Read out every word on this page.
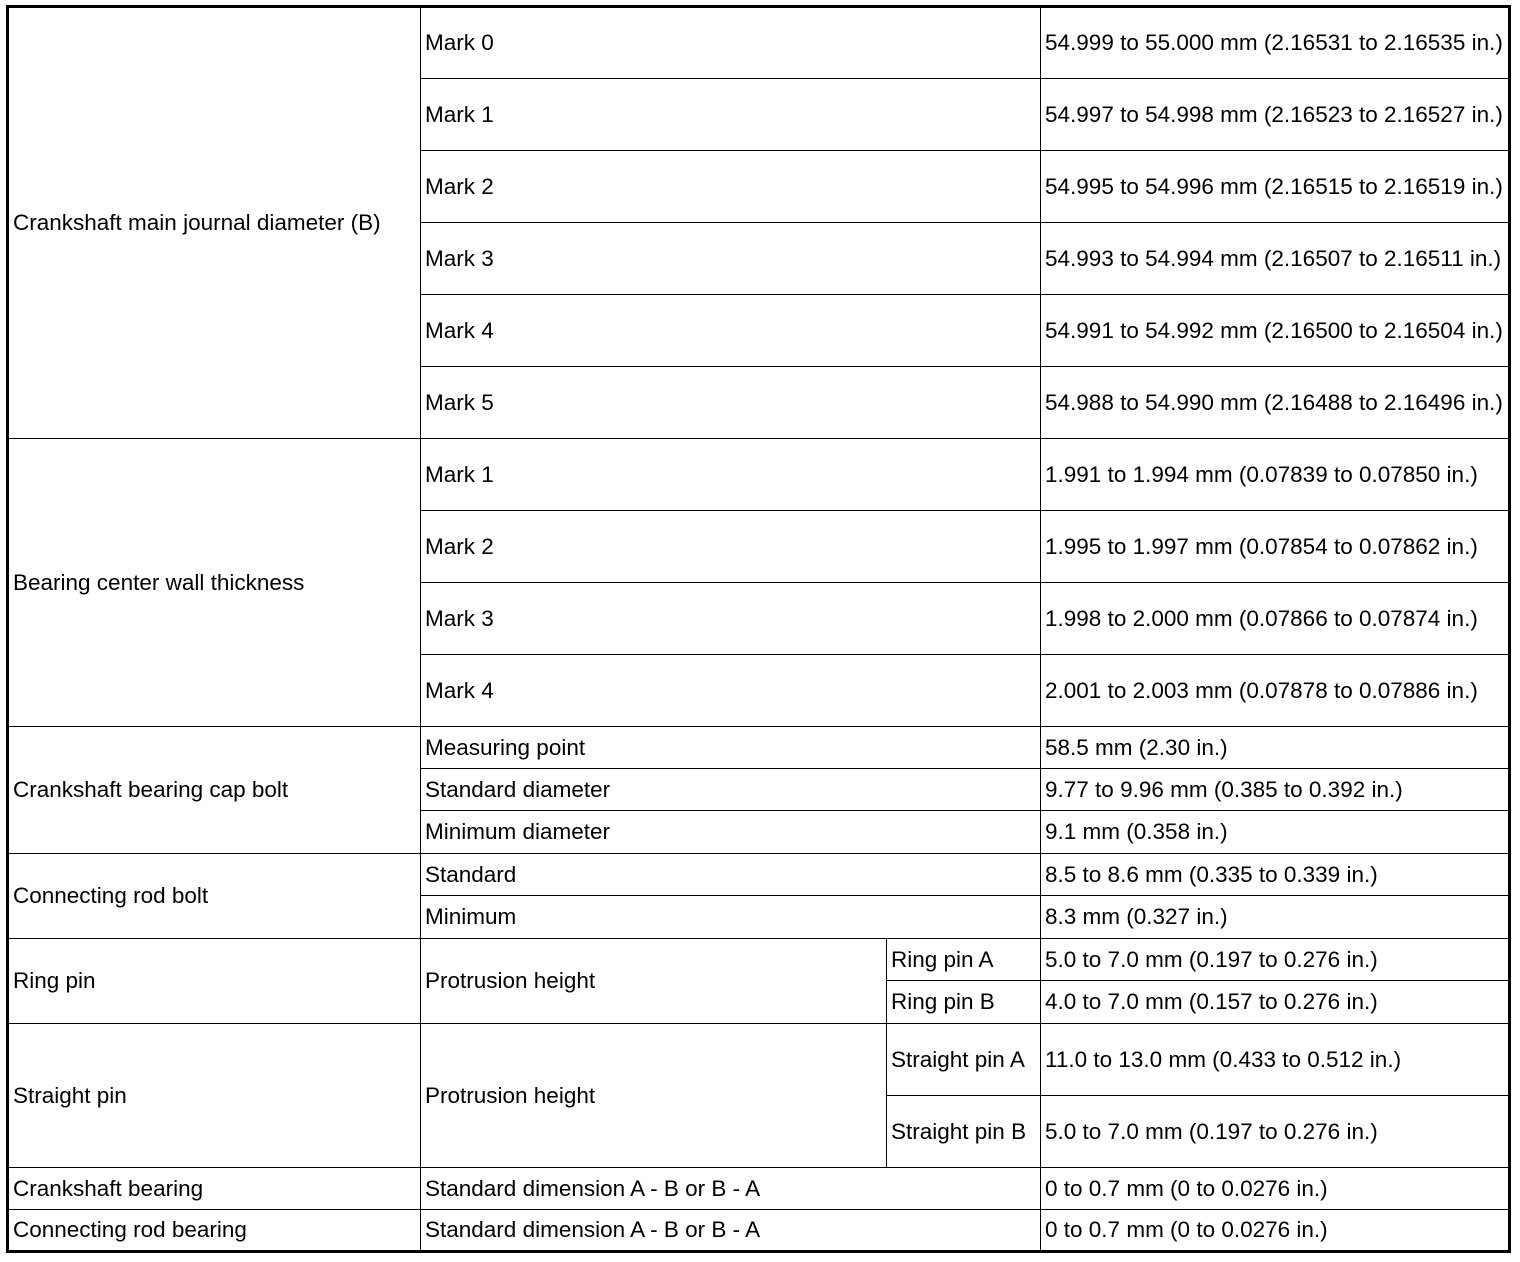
Crankshaft main journal diameter (B)	Mark 0		54.999 to 55.000 mm (2.16531 to 2.16535 in.)
	Mark 1		54.997 to 54.998 mm (2.16523 to 2.16527 in.)
	Mark 2		54.995 to 54.996 mm (2.16515 to 2.16519 in.)
	Mark 3		54.993 to 54.994 mm (2.16507 to 2.16511 in.)
	Mark 4		54.991 to 54.992 mm (2.16500 to 2.16504 in.)
	Mark 5		54.988 to 54.990 mm (2.16488 to 2.16496 in.)
Bearing center wall thickness	Mark 1		1.991 to 1.994 mm (0.07839 to 0.07850 in.)
	Mark 2		1.995 to 1.997 mm (0.07854 to 0.07862 in.)
	Mark 3		1.998 to 2.000 mm (0.07866 to 0.07874 in.)
	Mark 4		2.001 to 2.003 mm (0.07878 to 0.07886 in.)
Crankshaft bearing cap bolt	Measuring point		58.5 mm (2.30 in.)
	Standard diameter		9.77 to 9.96 mm (0.385 to 0.392 in.)
	Minimum diameter		9.1 mm (0.358 in.)
Connecting rod bolt	Standard		8.5 to 8.6 mm (0.335 to 0.339 in.)
	Minimum		8.3 mm (0.327 in.)
Ring pin	Protrusion height	Ring pin A	5.0 to 7.0 mm (0.197 to 0.276 in.)
		Ring pin B	4.0 to 7.0 mm (0.157 to 0.276 in.)
Straight pin	Protrusion height	Straight pin A	11.0 to 13.0 mm (0.433 to 0.512 in.)
		Straight pin B	5.0 to 7.0 mm (0.197 to 0.276 in.)
Crankshaft bearing	Standard dimension A - B or B - A		0 to 0.7 mm (0 to 0.0276 in.)
Connecting rod bearing	Standard dimension A - B or B - A		0 to 0.7 mm (0 to 0.0276 in.)
